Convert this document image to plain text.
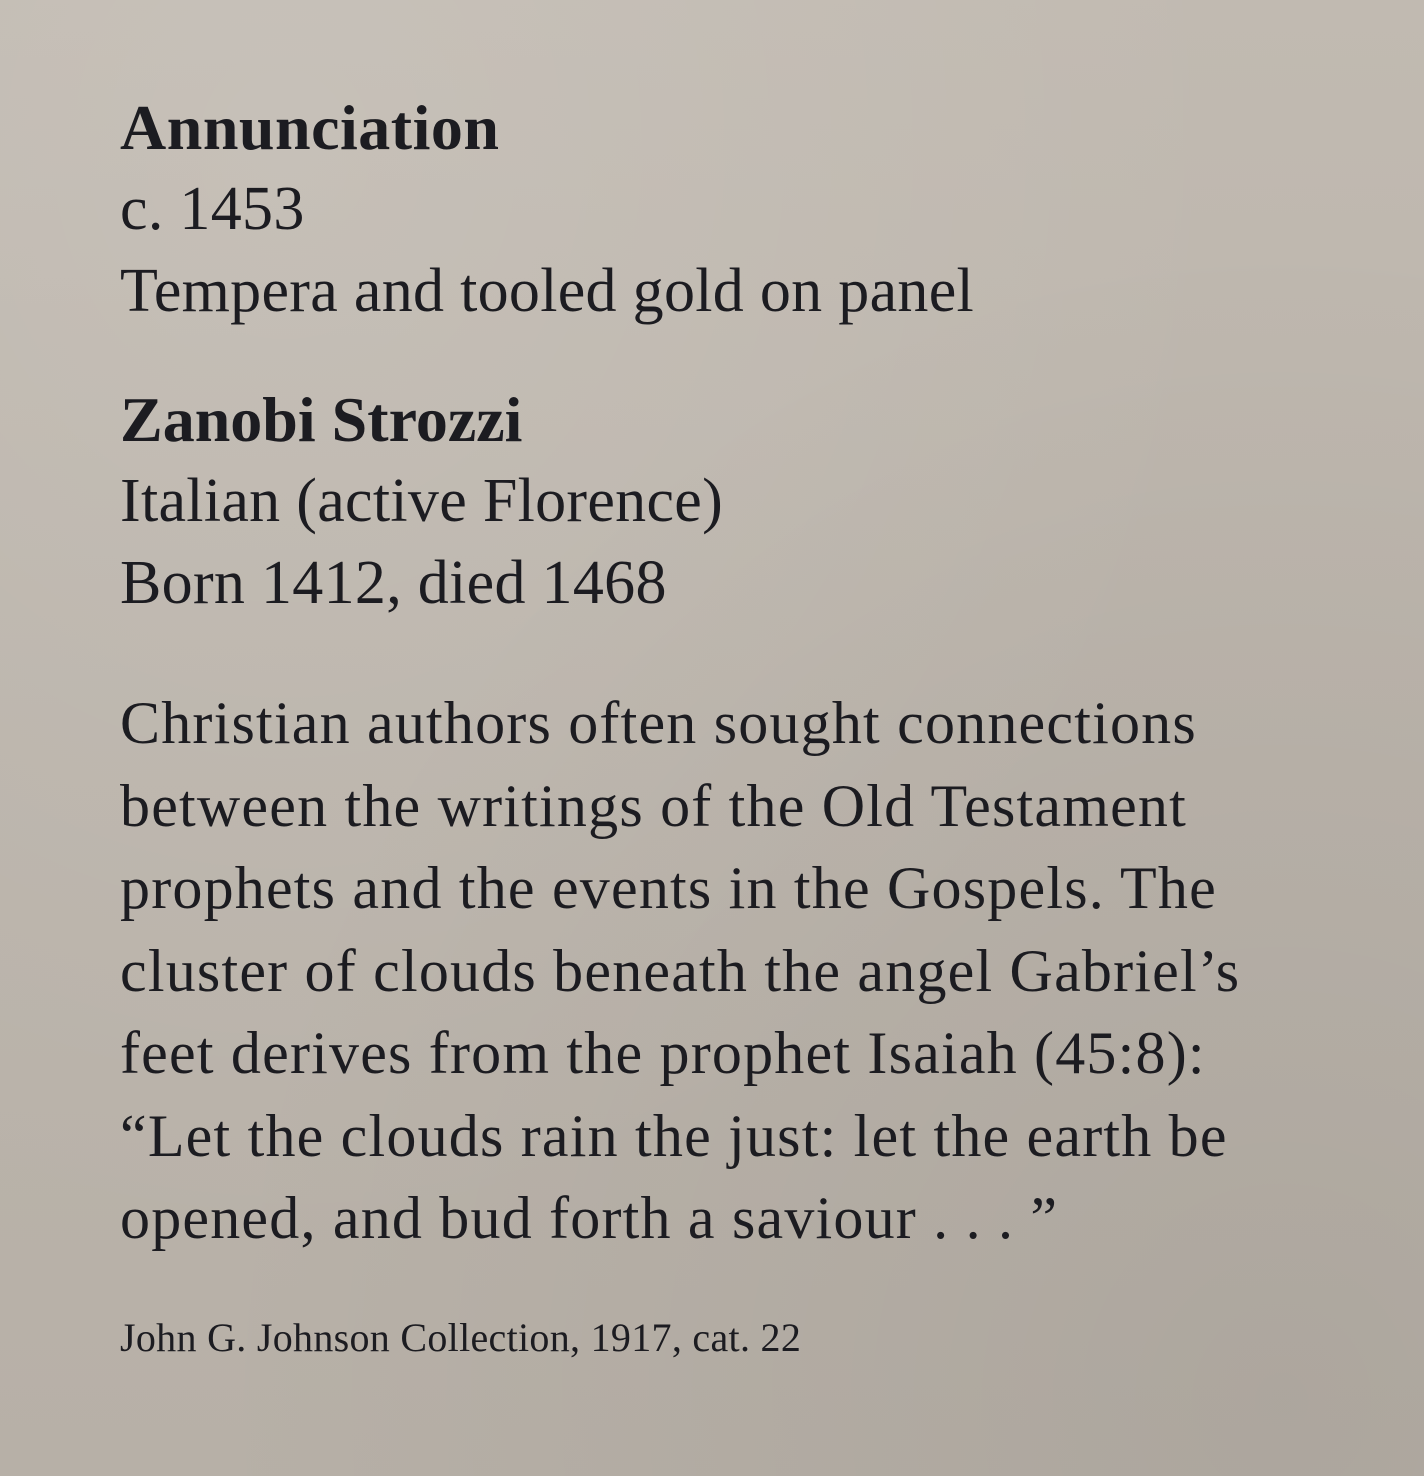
Annunciation
c. 1453
Tempera and tooled gold on panel
Zanobi Strozzi
Italian (active Florence)
Born 1412, died 1468
Christian authors often sought connections
between the writings of the Old Testament
prophets and the events in the Gospels. The
cluster of clouds beneath the angel Gabriel’s
feet derives from the prophet Isaiah (45:8):
“Let the clouds rain the just: let the earth be
opened, and bud forth a saviour . . . ”
John G. Johnson Collection, 1917, cat. 22
